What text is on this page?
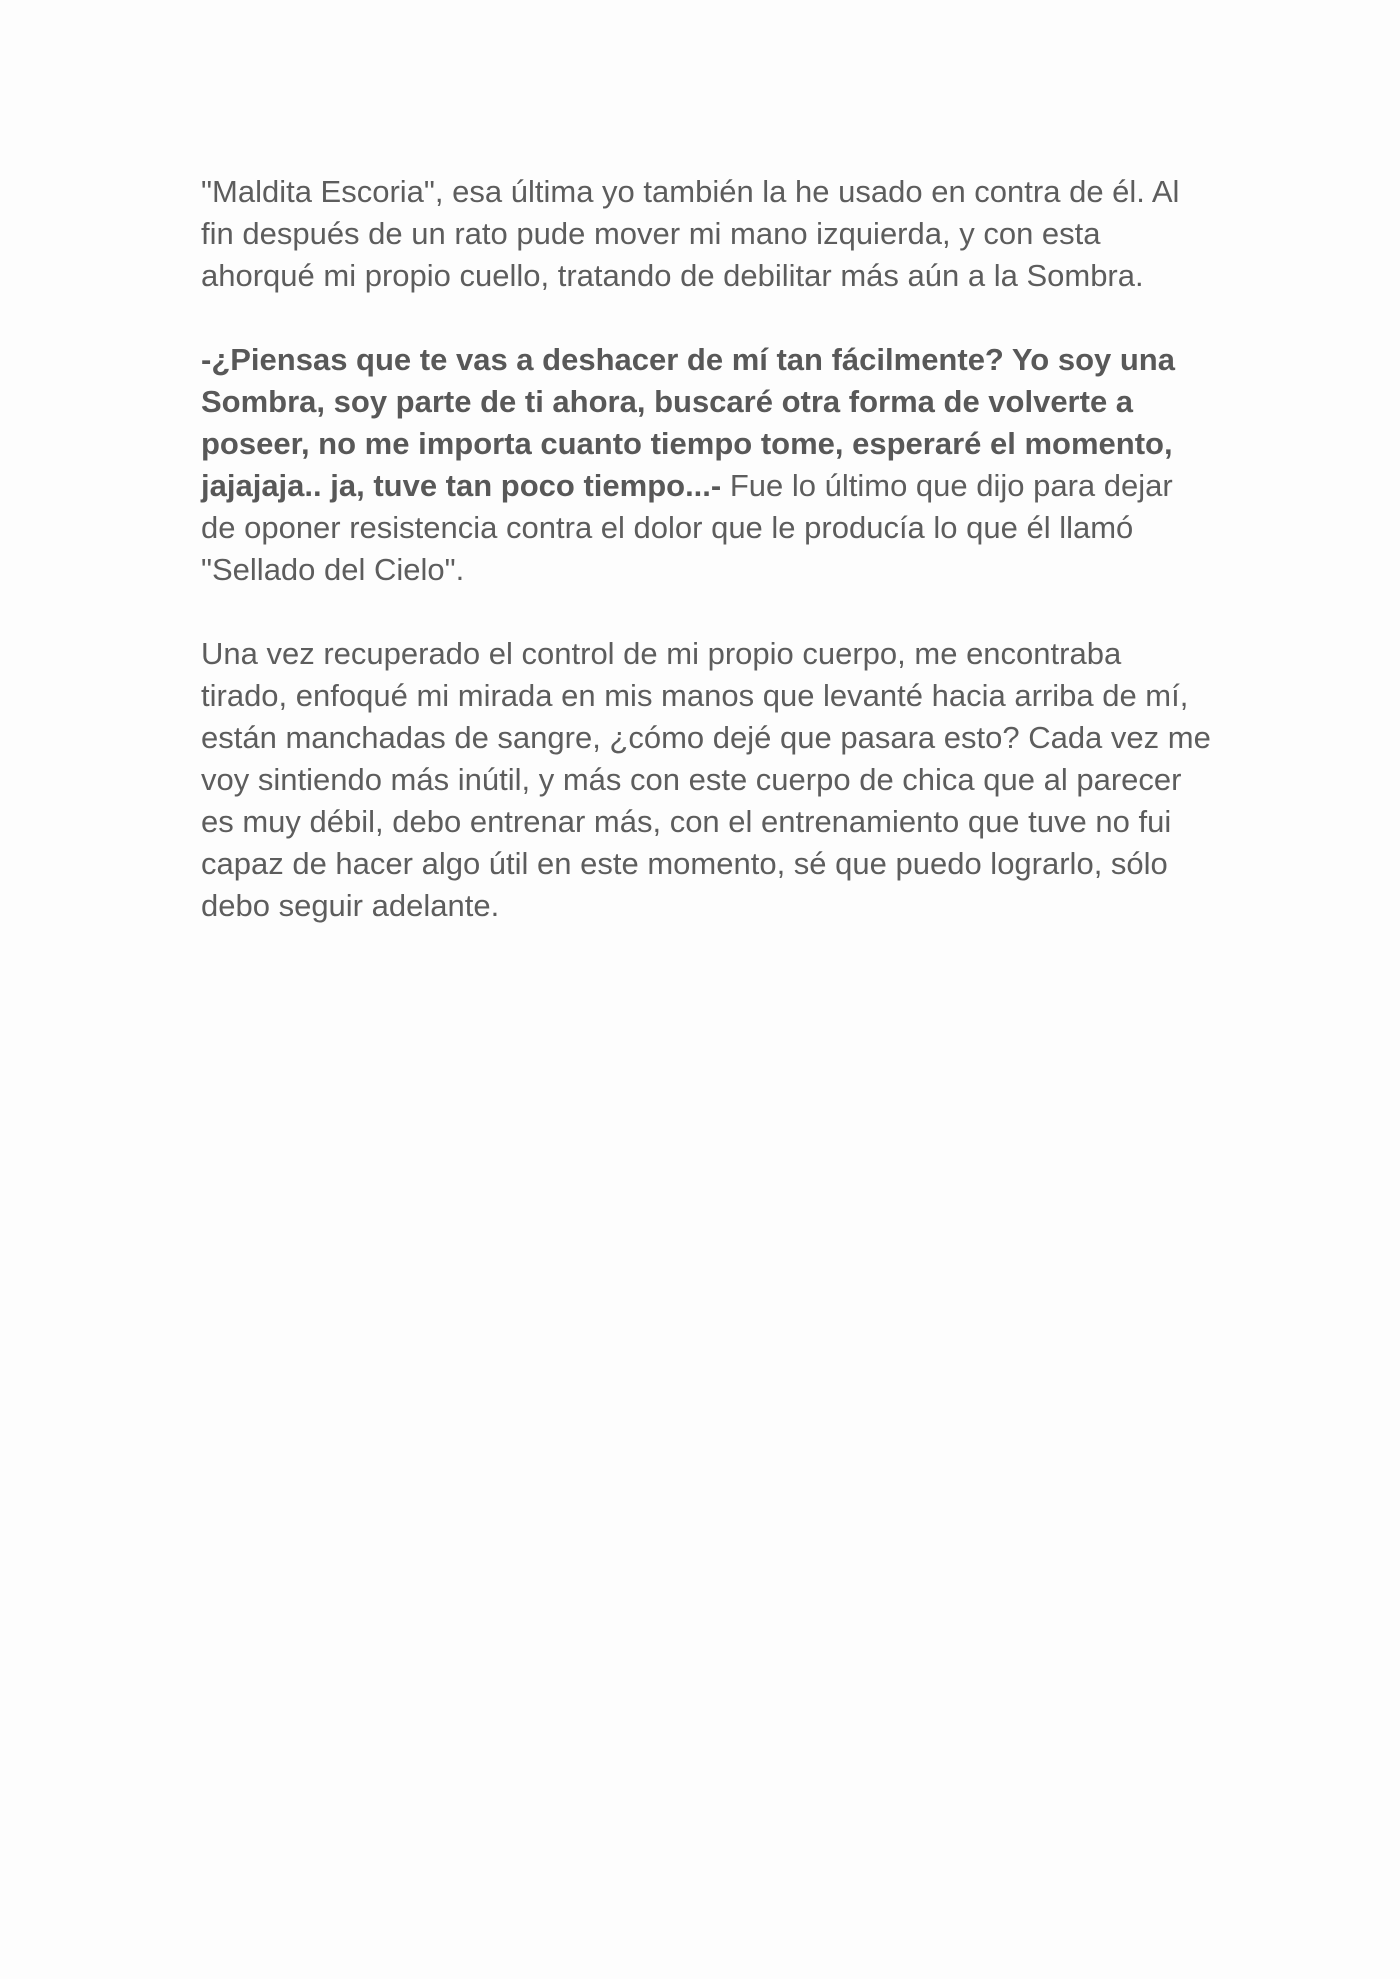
"Maldita Escoria", esa última yo también la he usado en contra de él. Al fin después de un rato pude mover mi mano izquierda, y con esta ahorqué mi propio cuello, tratando de debilitar más aún a la Sombra.

-¿Piensas que te vas a deshacer de mí tan fácilmente? Yo soy una Sombra, soy parte de ti ahora, buscaré otra forma de volverte a poseer, no me importa cuanto tiempo tome, esperaré el momento, jajajaja.. ja, tuve tan poco tiempo...- Fue lo último que dijo para dejar de oponer resistencia contra el dolor que le producía lo que él llamó "Sellado del Cielo".

Una vez recuperado el control de mi propio cuerpo, me encontraba tirado, enfoqué mi mirada en mis manos que levanté hacia arriba de mí, están manchadas de sangre, ¿cómo dejé que pasara esto? Cada vez me voy sintiendo más inútil, y más con este cuerpo de chica que al parecer es muy débil, debo entrenar más, con el entrenamiento que tuve no fui capaz de hacer algo útil en este momento, sé que puedo lograrlo, sólo debo seguir adelante.
